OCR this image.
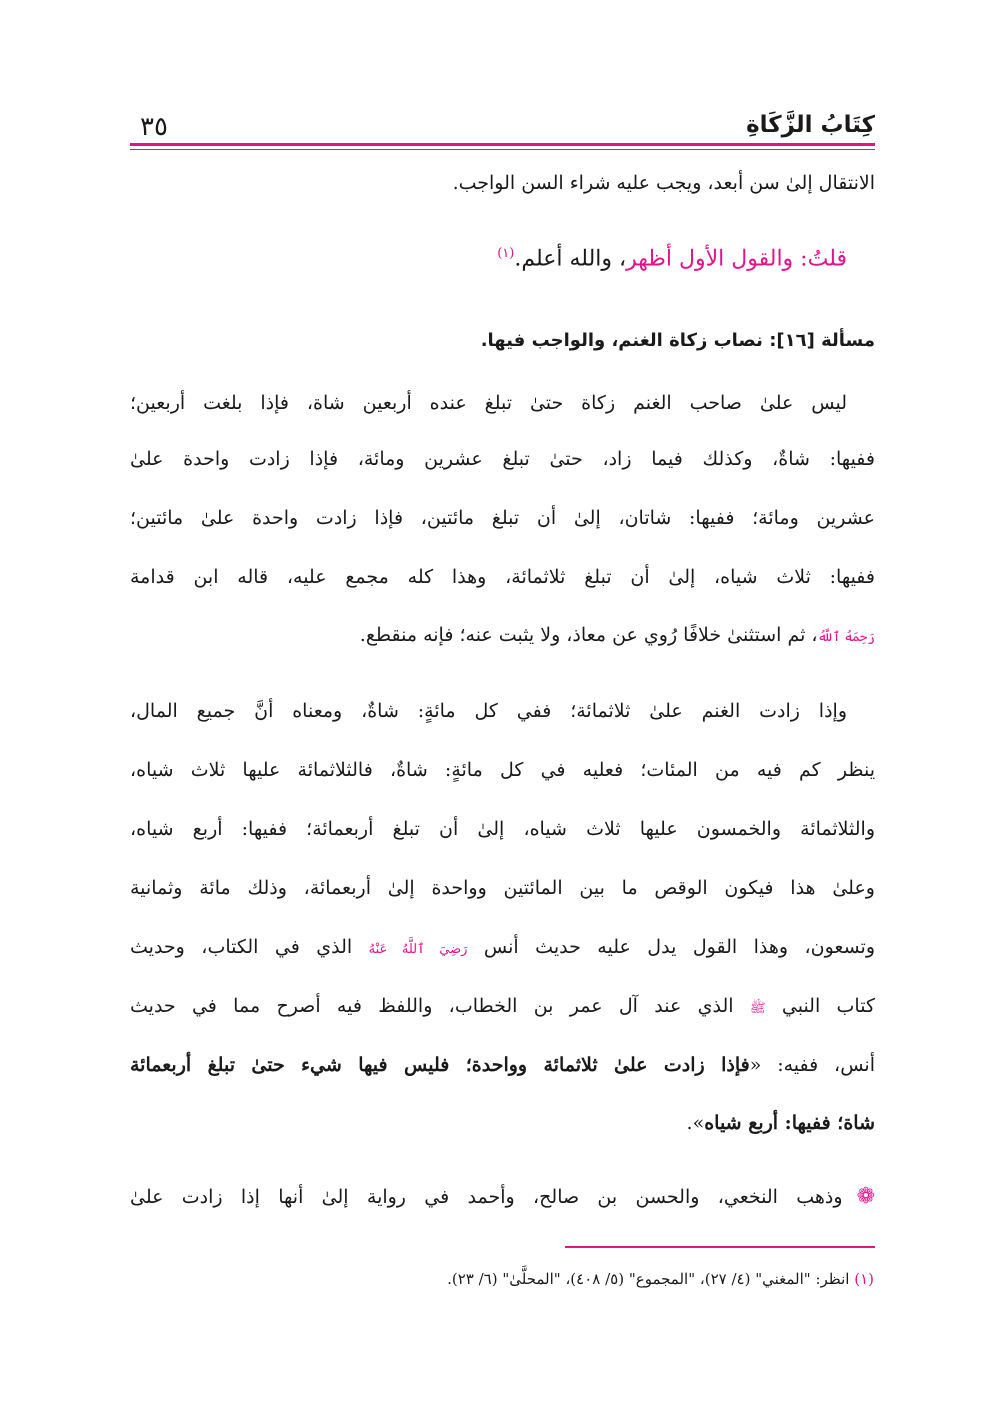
٣٥	كِتَابُ الزَّكَاةِ
الانتقال إلىٰ سن أبعد، ويجب عليه شراء السن الواجب.
قلتُ: والقول الأول أظهر، والله أعلم.$^{(١)}$
مسألة [١٦]: نصاب زكاة الغنم، والواجب فيها.
ليس علىٰ صاحب الغنم زكاة حتىٰ تبلغ عنده أربعين شاة، فإذا بلغت أربعين؛
ففيها: شاةٌ، وكذلك فيما زاد، حتىٰ تبلغ عشرين ومائة، فإذا زادت واحدة علىٰ
عشرين ومائة؛ ففيها: شاتان، إلىٰ أن تبلغ مائتين، فإذا زادت واحدة علىٰ مائتين؛
ففيها: ثلاث شياه، إلىٰ أن تبلغ ثلاثمائة، وهذا كله مجمع عليه، قاله ابن قدامة
رَحِمَهُ ٱللَّهُ، ثم استثنىٰ خلافًا رُوي عن معاذ، ولا يثبت عنه؛ فإنه منقطع.
وإذا زادت الغنم علىٰ ثلاثمائة؛ ففي كل مائةٍ: شاةٌ، ومعناه أنَّ جميع المال،
ينظر كم فيه من المئات؛ فعليه في كل مائةٍ: شاةٌ، فالثلاثمائة عليها ثلاث شياه،
والثلاثمائة والخمسون عليها ثلاث شياه، إلىٰ أن تبلغ أربعمائة؛ ففيها: أربع شياه،
وعلىٰ هذا فيكون الوقص ما بين المائتين وواحدة إلىٰ أربعمائة، وذلك مائة وثمانية
وتسعون، وهذا القول يدل عليه حديث أنس رَضِيَ ٱللَّهُ عَنْهُ الذي في الكتاب، وحديث
كتاب النبي ﷺ الذي عند آل عمر بن الخطاب، واللفظ فيه أصرح مما في حديث
أنس، ففيه: «فإذا زادت علىٰ ثلاثمائة وواحدة؛ فليس فيها شيء حتىٰ تبلغ أربعمائة
شاة؛ ففيها: أربع شياه».
❁وذهب النخعي، والحسن بن صالح، وأحمد في رواية إلىٰ أنها إذا زادت علىٰ
(١) انظر: "المغني" (٤/ ٢٧)، "المجموع" (٥/ ٤٠٨)، "المحلَّىٰ" (٦/ ٢٣).
